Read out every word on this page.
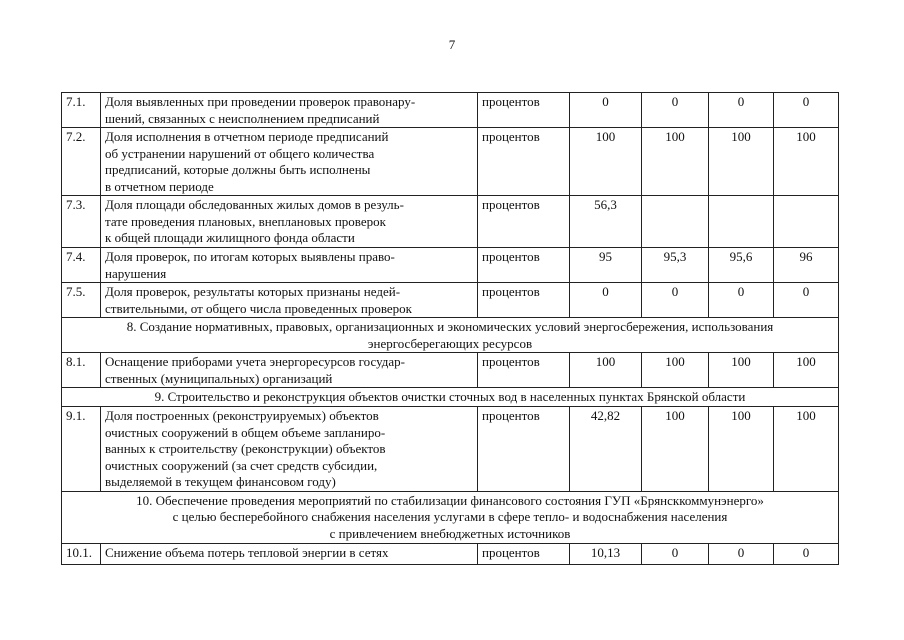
7
7.1.	Доля выявленных при проведении проверок правонару-
шений, связанных с неисполнением предписаний	процентов	0	0	0	0
7.2.	Доля исполнения в отчетном периоде предписаний
об устранении нарушений от общего количества
предписаний, которые должны быть исполнены
в отчетном периоде	процентов	100	100	100	100
7.3.	Доля площади обследованных жилых домов в резуль-
тате проведения плановых, внеплановых проверок
к общей площади жилищного фонда области	процентов	56,3			
7.4.	Доля проверок, по итогам которых выявлены право-
нарушения	процентов	95	95,3	95,6	96
7.5.	Доля проверок, результаты которых признаны недей-
ствительными, от общего числа проведенных проверок	процентов	0	0	0	0

8. Создание нормативных, правовых, организационных и экономических условий энергосбережения, использования
энергосберегающих ресурсов						

8.1.	Оснащение приборами учета энергоресурсов государ-
ственных (муниципальных) организаций	процентов	100	100	100	100

9. Строительство и реконструкция объектов очистки сточных вод в населенных пунктах Брянской области						

9.1.	Доля построенных (реконструируемых) объектов
очистных сооружений в общем объеме запланиро-
ванных к строительству (реконструкции) объектов
очистных сооружений (за счет средств субсидии,
выделяемой в текущем финансовом году)	процентов	42,82	100	100	100

10. Обеспечение проведения мероприятий по стабилизации финансового состояния ГУП «Брянсккоммунэнерго»
с целью бесперебойного снабжения населения услугами в сфере тепло- и водоснабжения населения
с привлечением внебюджетных источников						

10.1.	Снижение объема потерь тепловой энергии в сетях	процентов	10,13	0	0	0
